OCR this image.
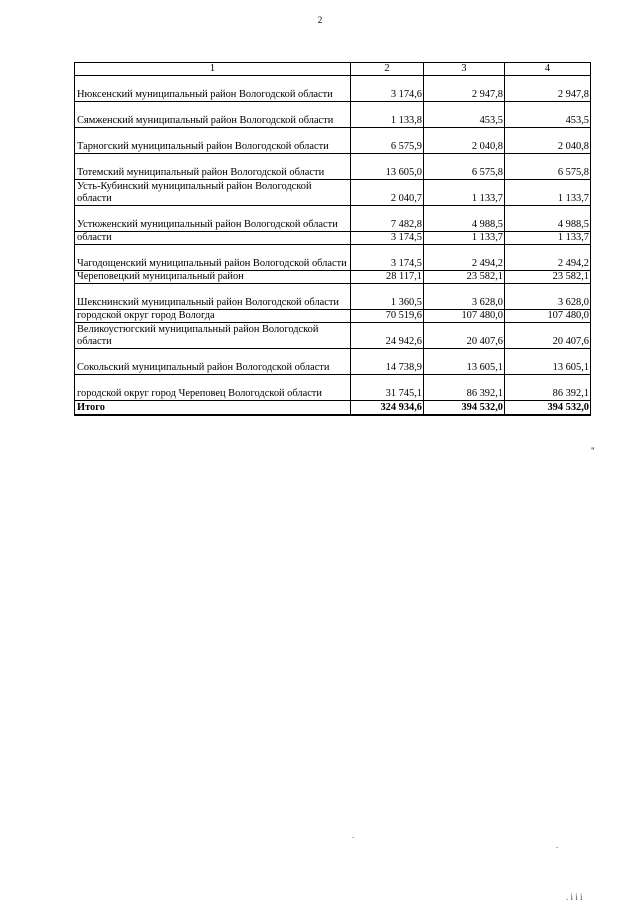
2
1	2	3	4
Нюксенский муниципальный район Вологодской области	3 174,6	2 947,8	2 947,8
Сямженский муниципальный район Вологодской области	1 133,8	453,5	453,5
Тарногский муниципальный район Вологодской области	6 575,9	2 040,8	2 040,8
Тотемский муниципальный район Вологодской области	13 605,0	6 575,8	6 575,8
Усть-Кубинский муниципальный район Вологодской области	2 040,7	1 133,7	1 133,7
Устюженский муниципальный район Вологодской области	7 482,8	4 988,5	4 988,5
области	3 174,5	1 133,7	1 133,7
Чагодощенский муниципальный район Вологодской области	3 174,5	2 494,2	2 494,2
Череповецкий муниципальный район	28 117,1	23 582,1	23 582,1
Шекснинский муниципальный район Вологодской области	1 360,5	3 628,0	3 628,0
городской округ город Вологда	70 519,6	107 480,0	107 480,0
Великоустюгский муниципальный район Вологодской области	24 942,6	20 407,6	20 407,6
Сокольский муниципальный район Вологодской области	14 738,9	13 605,1	13 605,1
городской округ город Череповец Вологодской области	31 745,1	86 392,1	86 392,1
Итого	324 934,6	394 532,0	394 532,0
"
.
.
. і і і
